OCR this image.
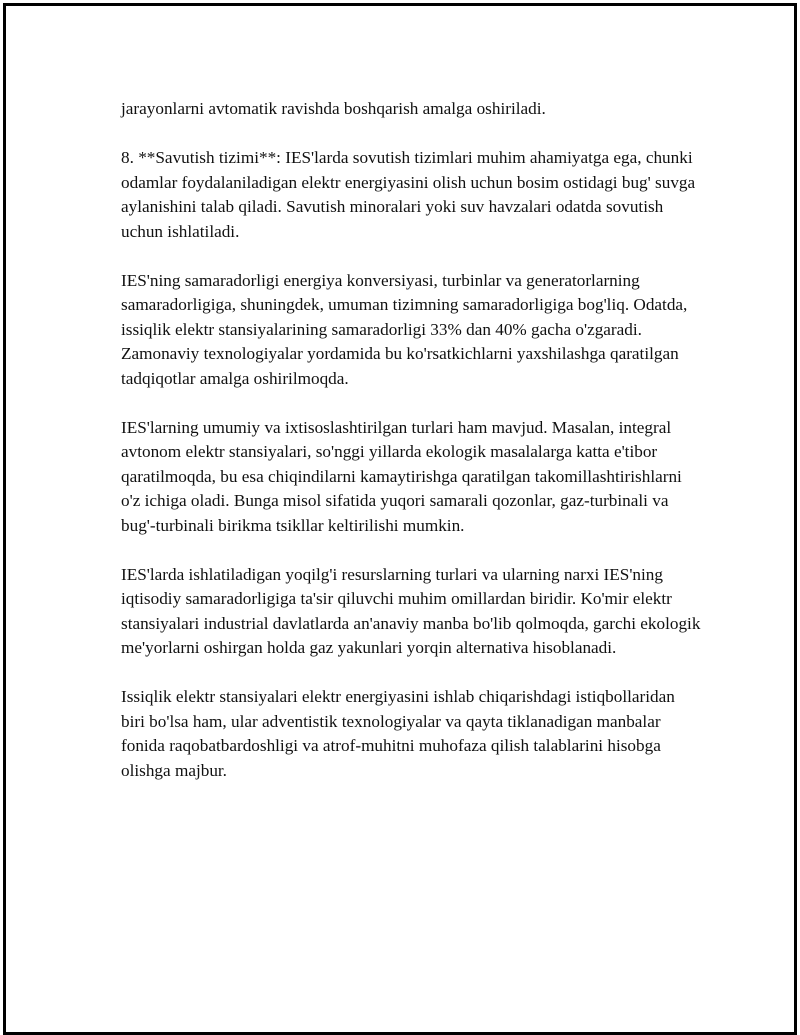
jarayonlarni avtomatik ravishda boshqarish amalga oshiriladi.

8. **Savutish tizimi**: IES'larda sovutish tizimlari muhim ahamiyatga ega, chunki odamlar foydalaniladigan elektr energiyasini olish uchun bosim ostidagi bug' suvga aylanishini talab qiladi. Savutish minoralari yoki suv havzalari odatda sovutish uchun ishlatiladi.

IES'ning samaradorligi energiya konversiyasi, turbinlar va generatorlarning samaradorligiga, shuningdek, umuman tizimning samaradorligiga bog'liq. Odatda, issiqlik elektr stansiyalarining samaradorligi 33% dan 40% gacha o'zgaradi. Zamonaviy texnologiyalar yordamida bu ko'rsatkichlarni yaxshilashga qaratilgan tadqiqotlar amalga oshirilmoqda.

IES'larning umumiy va ixtisoslashtirilgan turlari ham mavjud. Masalan, integral avtonom elektr stansiyalari, so'nggi yillarda ekologik masalalarga katta e'tibor qaratilmoqda, bu esa chiqindilarni kamaytirishga qaratilgan takomillashtirishlarni o'z ichiga oladi. Bunga misol sifatida yuqori samarali qozonlar, gaz-turbinali va bug'-turbinali birikma tsikllar keltirilishi mumkin.

IES'larda ishlatiladigan yoqilg'i resurslarning turlari va ularning narxi IES'ning iqtisodiy samaradorligiga ta'sir qiluvchi muhim omillardan biridir. Ko'mir elektr stansiyalari industrial davlatlarda an'anaviy manba bo'lib qolmoqda, garchi ekologik me'yorlarni oshirgan holda gaz yakunlari yorqin alternativa hisoblanadi.

Issiqlik elektr stansiyalari elektr energiyasini ishlab chiqarishdagi istiqbollaridan biri bo'lsa ham, ular adventistik texnologiyalar va qayta tiklanadigan manbalar fonida raqobatbardoshligi va atrof-muhitni muhofaza qilish talablarini hisobga olishga majbur.
